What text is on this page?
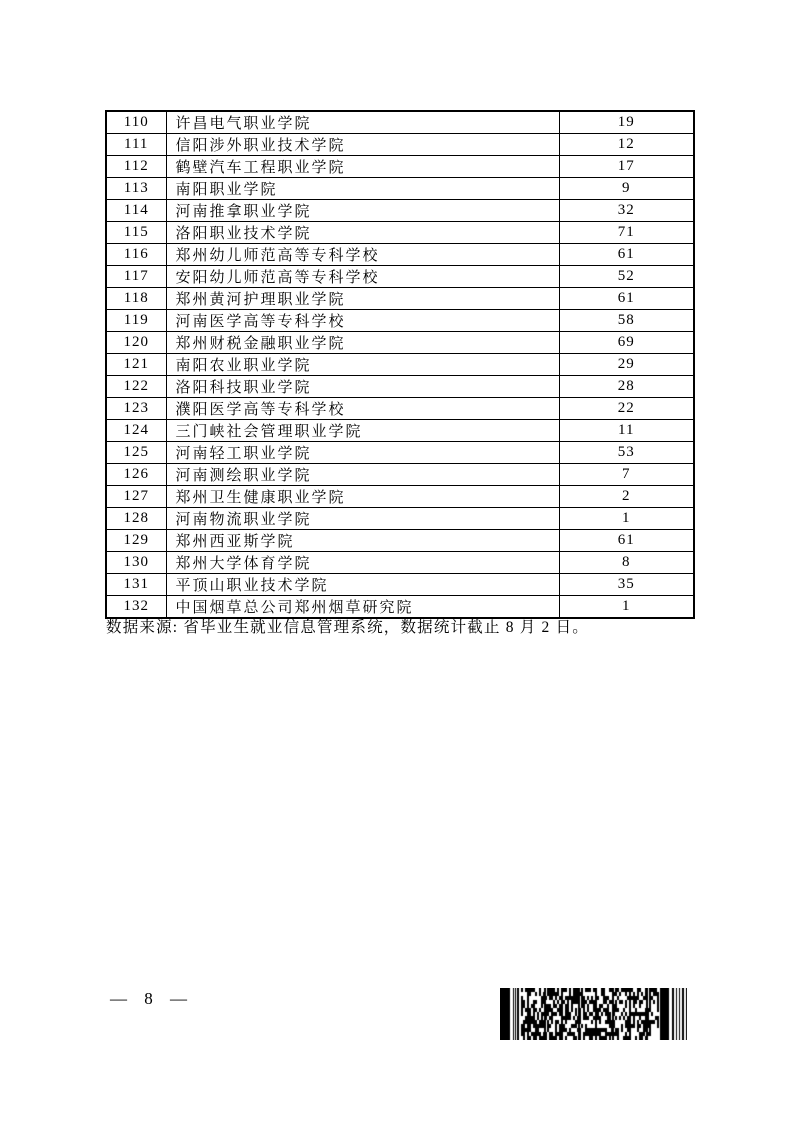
110	许昌电气职业学院	19
111	信阳涉外职业技术学院	12
112	鹤壁汽车工程职业学院	17
113	南阳职业学院	9
114	河南推拿职业学院	32
115	洛阳职业技术学院	71
116	郑州幼儿师范高等专科学校	61
117	安阳幼儿师范高等专科学校	52
118	郑州黄河护理职业学院	61
119	河南医学高等专科学校	58
120	郑州财税金融职业学院	69
121	南阳农业职业学院	29
122	洛阳科技职业学院	28
123	濮阳医学高等专科学校	22
124	三门峡社会管理职业学院	11
125	河南轻工职业学院	53
126	河南测绘职业学院	7
127	郑州卫生健康职业学院	2
128	河南物流职业学院	1
129	郑州西亚斯学院	61
130	郑州大学体育学院	8
131	平顶山职业技术学院	35
132	中国烟草总公司郑州烟草研究院	1
数据来源: 省毕业生就业信息管理系统，数据统计截止 8 月 2 日。
— 8 —
